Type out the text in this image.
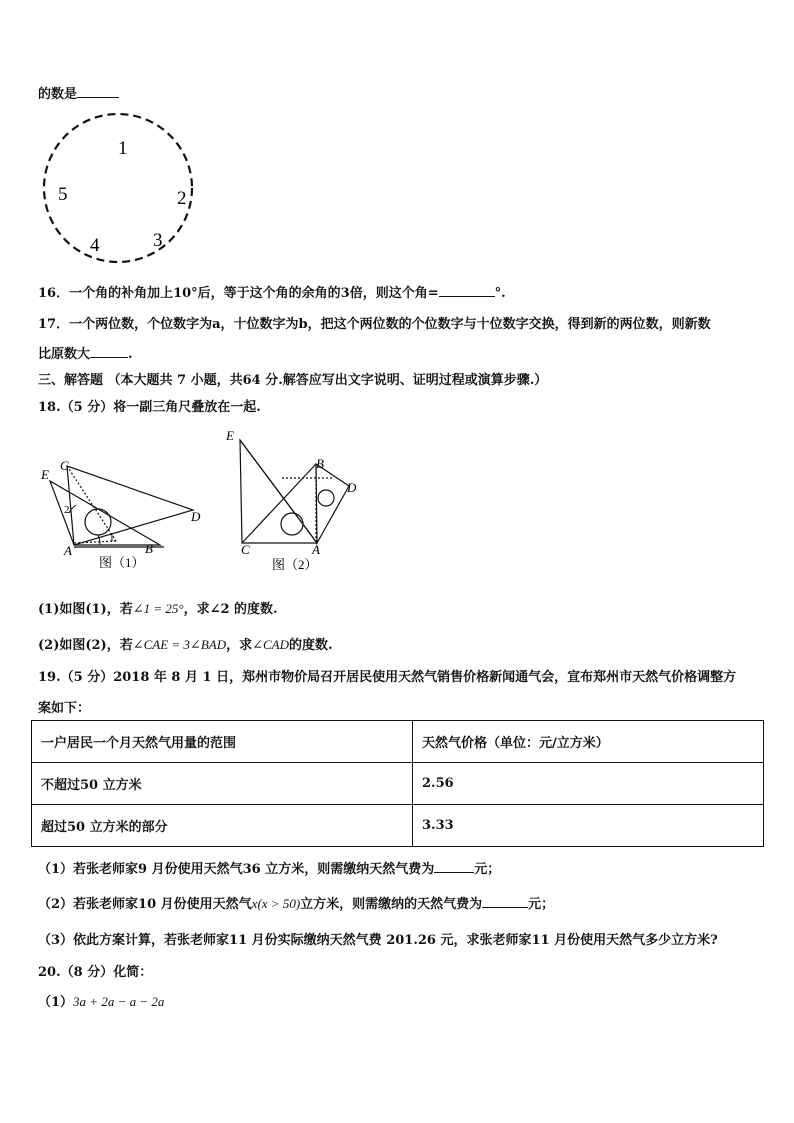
的数是
1
2
3
4
5
16．一个角的补角加上10°后，等于这个角的余角的3倍，则这个角=	°.
17．一个两位数，个位数字为a，十位数字为b，把这个两位数的个位数字与十位数字交换，得到新的两位数，则新数
比原数大	.
三、解答题 （本大题共 7 小题，共64 分.解答应写出文字说明、证明过程或演算步骤.）
18.（5 分）将一副三角尺叠放在一起.
C
E
A	B
D
2
1
图（1）
E
B
D
C	A
图（2）
(1)如图(1)，若∠1 = 25°，求∠2 的度数.
(2)如图(2)，若∠CAE = 3∠BAD，求∠CAD的度数.
19.（5 分）2018 年 8 月 1 日，郑州市物价局召开居民使用天然气销售价格新闻通气会，宣布郑州市天然气价格调整方
案如下：
一户居民一个月天然气用量的范围	天然气价格（单位：元/立方米）
不超过50 立方米	2.56
超过50 立方米的部分	3.33
（1）若张老师家9 月份使用天然气36 立方米，则需缴纳天然气费为	元；
（2）若张老师家10 月份使用天然气x(x > 50)立方米，则需缴纳的天然气费为	元；
（3）依此方案计算，若张老师家11 月份实际缴纳天然气费 201.26 元，求张老师家11 月份使用天然气多少立方米?
20.（8 分）化简：
（1）3a + 2a − a − 2a
